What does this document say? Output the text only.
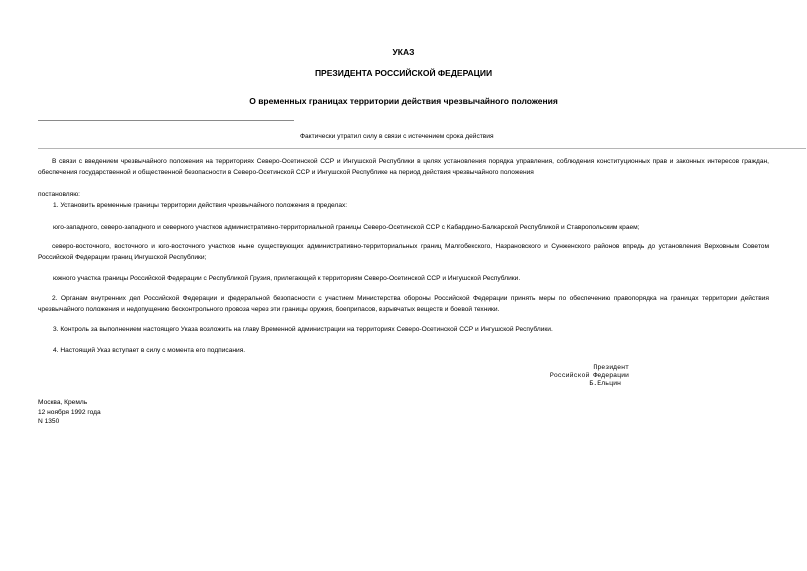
УКАЗ
ПРЕЗИДЕНТА РОССИЙСКОЙ ФЕДЕРАЦИИ
О временных границах территории действия чрезвычайного положения
Фактически утратил силу в связи с истечением срока действия
В связи с введением чрезвычайного положения на территориях Северо-Осетинской ССР и Ингушской Республики в целях установления порядка управления, соблюдения конституционных прав и законных интересов граждан, обеспечения государственной и общественной безопасности в Северо-Осетинской ССР и Ингушской Республике на период действия чрезвычайного положения
постановляю:
1. Установить временные границы территории действия чрезвычайного положения в пределах:
юго-западного, северо-западного и северного участков административно-территориальной границы Северо-Осетинской ССР с Кабардино-Балкарской Республикой и Ставропольским краем;
северо-восточного, восточного и юго-восточного участков ныне существующих административно-территориальных границ Малгобекского, Назрановского и Сунженского районов впредь до установления Верховным Советом Российской Федерации границ Ингушской Республики;
южного участка границы Российской Федерации с Республикой Грузия, прилегающей к территориям Северо-Осетинской ССР и Ингушской Республики.
2. Органам внутренних дел Российской Федерации и федеральной безопасности с участием Министерства обороны Российской Федерации принять меры по обеспечению правопорядка на границах территории действия чрезвычайного положения и недопущению бесконтрольного провоза через эти границы оружия, боеприпасов, взрывчатых веществ и боевой техники.
3. Контроль за выполнением настоящего Указа возложить на главу Временной администрации на территориях Северо-Осетинской ССР и Ингушской Республики.
4. Настоящий Указ вступает в силу с момента его подписания.
Президент
Российской Федерации
Б.Ельцин
Москва, Кремль
12 ноября 1992 года
N 1350
